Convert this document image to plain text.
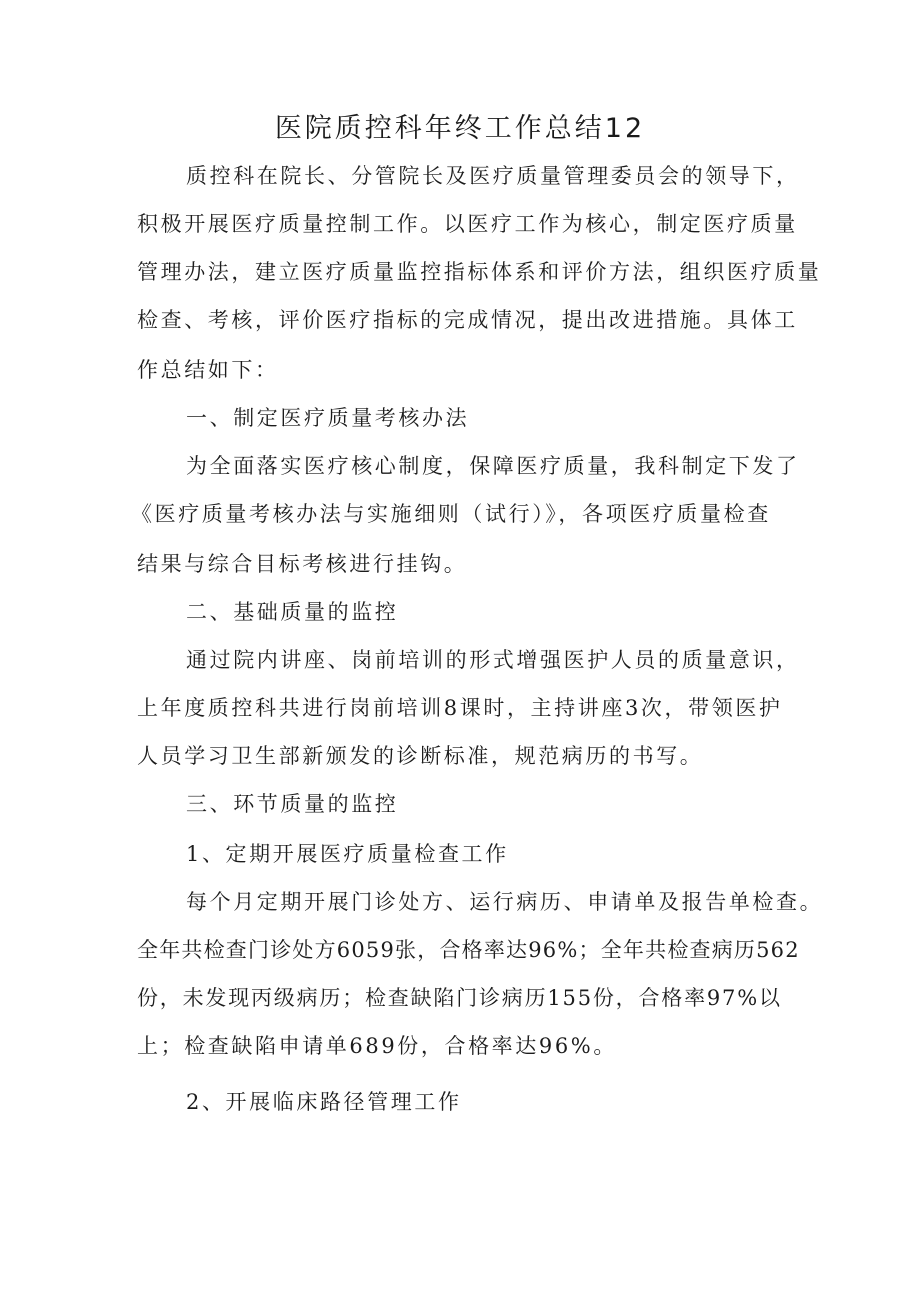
医院质控科年终工作总结12
质控科在院长、分管院长及医疗质量管理委员会的领导下，
积极开展医疗质量控制工作。以医疗工作为核心，制定医疗质量
管理办法，建立医疗质量监控指标体系和评价方法，组织医疗质量
检查、考核，评价医疗指标的完成情况，提出改进措施。具体工
作总结如下：
一、制定医疗质量考核办法
为全面落实医疗核心制度，保障医疗质量，我科制定下发了
《医疗质量考核办法与实施细则（试行）》，各项医疗质量检查
结果与综合目标考核进行挂钩。
二、基础质量的监控
通过院内讲座、岗前培训的形式增强医护人员的质量意识，
上年度质控科共进行岗前培训8课时，主持讲座3次，带领医护
人员学习卫生部新颁发的诊断标准，规范病历的书写。
三、环节质量的监控
1、定期开展医疗质量检查工作
每个月定期开展门诊处方、运行病历、申请单及报告单检查。
全年共检查门诊处方6059张，合格率达96%；全年共检查病历562
份，未发现丙级病历；检查缺陷门诊病历155份，合格率97%以
上；检查缺陷申请单689份，合格率达96%。
2、开展临床路径管理工作
